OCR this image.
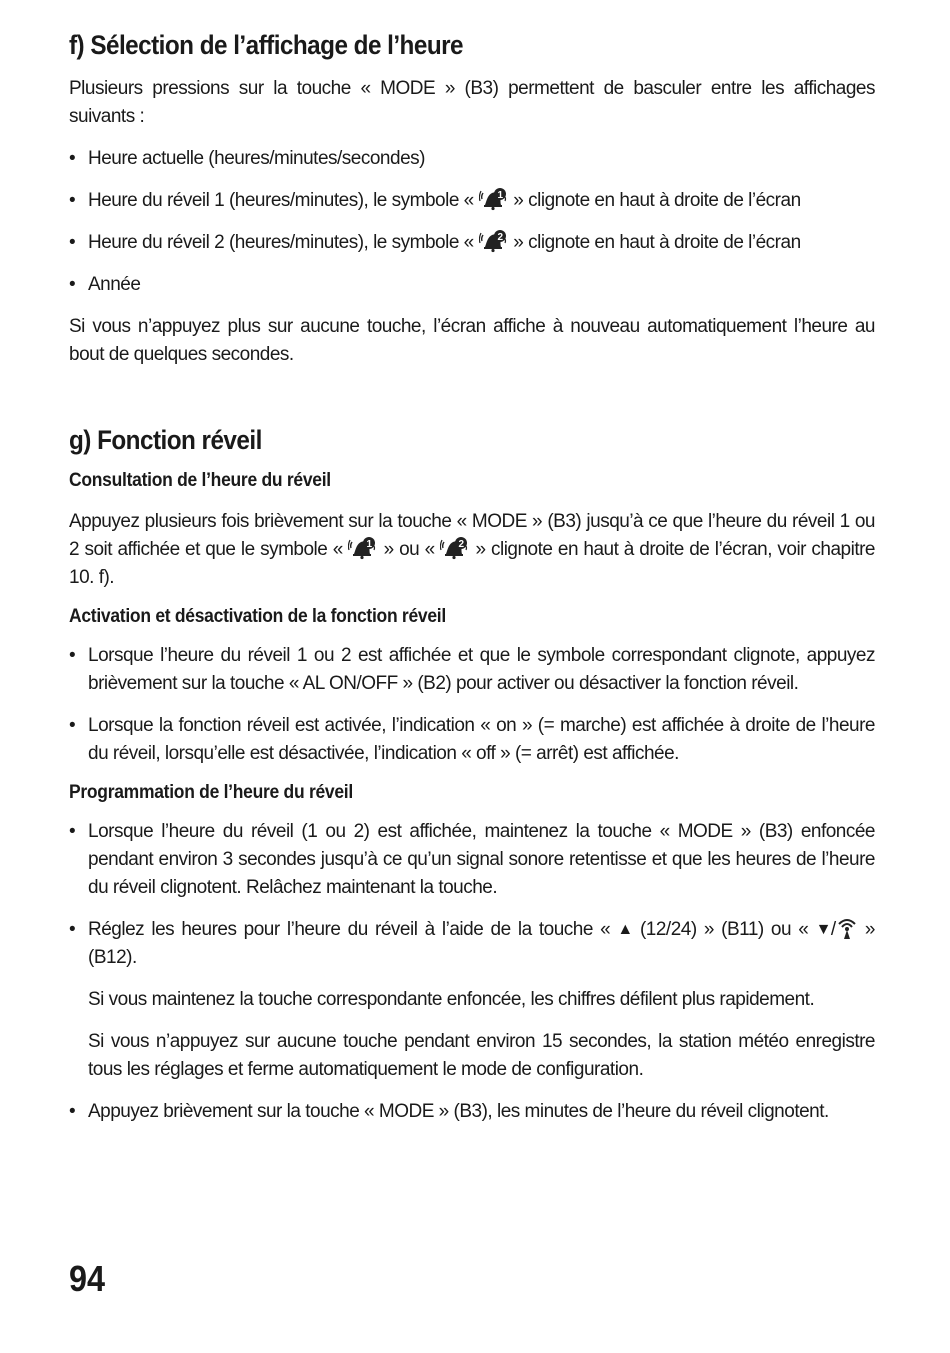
f) Sélection de l’affichage de l’heure

Plusieurs pressions sur la touche « MODE » (B3) permettent de basculer entre les affichages suivants :

• Heure actuelle (heures/minutes/secondes)
• Heure du réveil 1 (heures/minutes), le symbole « 1 » clignote en haut à droite de l’écran
• Heure du réveil 2 (heures/minutes), le symbole « 2 » clignote en haut à droite de l’écran
• Année

Si vous n’appuyez plus sur aucune touche, l’écran affiche à nouveau automatiquement l’heure au bout de quelques secondes.

g) Fonction réveil
Consultation de l’heure du réveil

Appuyez plusieurs fois brièvement sur la touche « MODE » (B3) jusqu’à ce que l’heure du réveil 1 ou 2 soit affichée et que le symbole « 1 » ou « 2 » clignote en haut à droite de l’écran, voir chapitre 10. f).

Activation et désactivation de la fonction réveil
• Lorsque l’heure du réveil 1 ou 2 est affichée et que le symbole correspondant clignote, appuyez brièvement sur la touche « AL ON/OFF » (B2) pour activer ou désactiver la fonction réveil.
• Lorsque la fonction réveil est activée, l’indication « on » (= marche) est affichée à droite de l’heure du réveil, lorsqu’elle est désactivée, l’indication « off » (= arrêt) est affichée.
Programmation de l’heure du réveil
• Lorsque l’heure du réveil (1 ou 2) est affichée, maintenez la touche « MODE » (B3) enfoncée pendant environ 3 secondes jusqu’à ce qu’un signal sonore retentisse et que les heures de l’heure du réveil clignotent. Relâchez maintenant la touche.
• Réglez les heures pour l’heure du réveil à l’aide de la touche « ▲ (12/24) » (B11) ou « ▼/
» (B12).

Si vous maintenez la touche correspondante enfoncée, les chiffres défilent plus rapidement.

Si vous n’appuyez sur aucune touche pendant environ 15 secondes, la station météo enregistre tous les réglages et ferme automatiquement le mode de configuration.

• Appuyez brièvement sur la touche « MODE » (B3), les minutes de l’heure du réveil clignotent.
94
